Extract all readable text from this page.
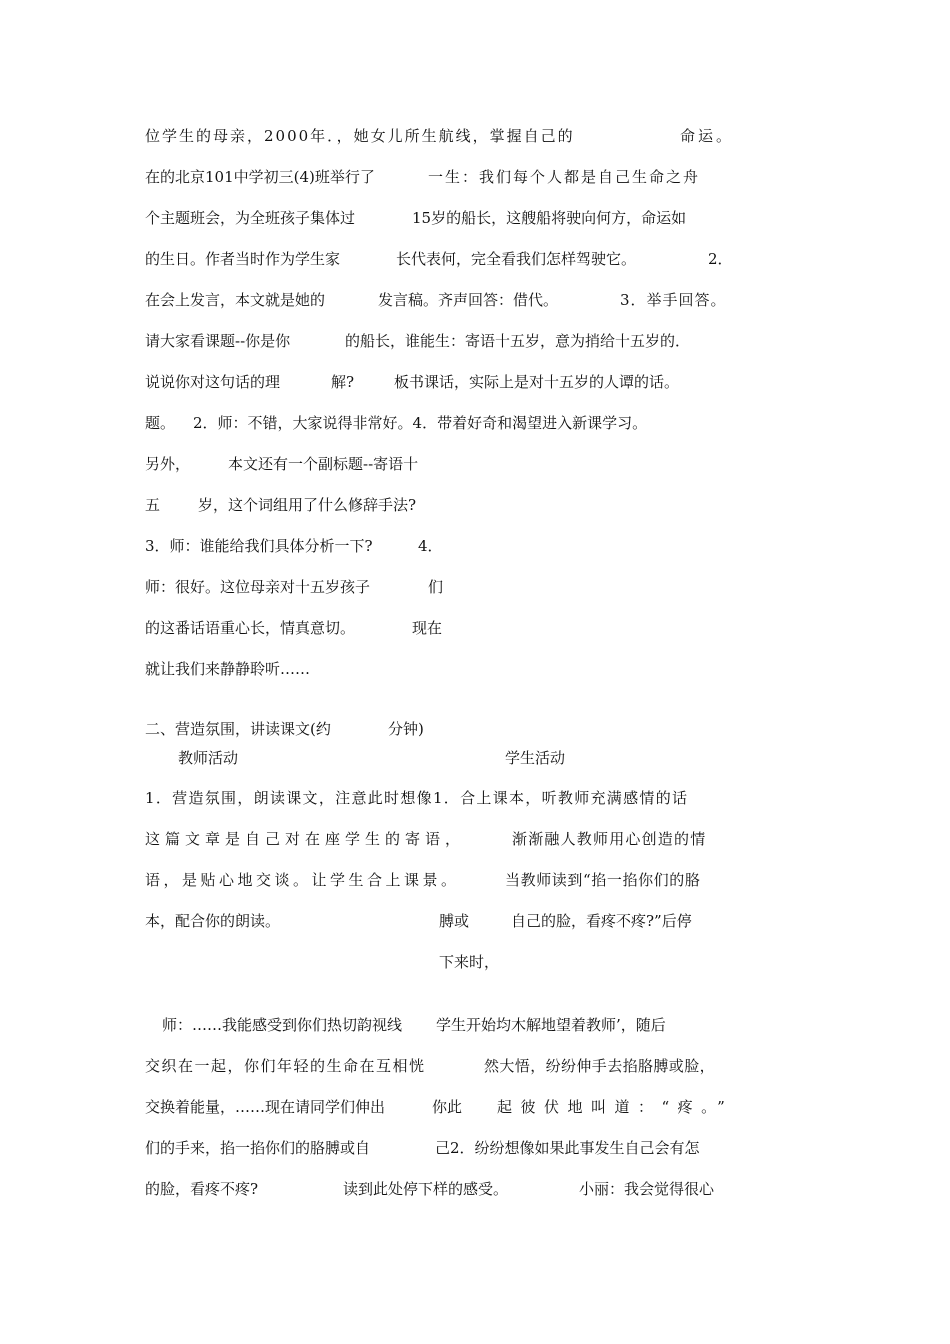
位学生的母亲，2000年．，她女儿所生航线，掌握自己的	命运。
在的北京101中学初三(4)班举行了	一生：我们每个人都是自己生命之舟
个主题班会，为全班孩子集体过	15岁的船长，这艘船将驶向何方，命运如
的生日。作者当时作为学生家	长代表何，完全看我们怎样驾驶它。	2．
在会上发言，本文就是她的	发言稿。齐声回答：借代。	3．举手回答。
请大家看课题--你是你	的船长，谁能生：寄语十五岁，意为捎给十五岁的．
说说你对这句话的理	解?	板书课话，实际上是对十五岁的人谭的话。
题。 2．师：不错，大家说得非常好。4．带着好奇和渴望进入新课学习。
另外，	本文还有一个副标题--寄语十
五	岁，这个词组用了什么修辞手法?
3．师：谁能给我们具体分析一下?	4．
师：很好。这位母亲对十五岁孩子	们
的这番话语重心长，情真意切。	现在
就让我们来静静聆听……
二、营造氛围，讲读课文(约	分钟)
教师活动	学生活动
1．营造氛围，朗读课文，注意此时想像1．合上课本，听教师充满感情的话
这篇文章是自己对在座学生的寄语，	渐渐融人教师用心创造的情
语，是贴心地交谈。让学生合上课景。	当教师读到“掐一掐你们的胳
本，配合你的朗读。	膊或	自己的脸，看疼不疼?”后停
下来时，
师：……我能感受到你们热切韵视线 学生开始均木解地望着教师’，随后
交织在一起，你们年轻的生命在互相恍	然大悟，纷纷伸手去掐胳膊或脸，
交换着能量，……现在请同学们伸出	你此 起彼伏地叫道：“疼。”
们的手来，掐一掐你们的胳膊或自	己2．纷纷想像如果此事发生自己会有怎
的脸，看疼不疼?	读到此处停下样的感受。	小丽：我会觉得很心
